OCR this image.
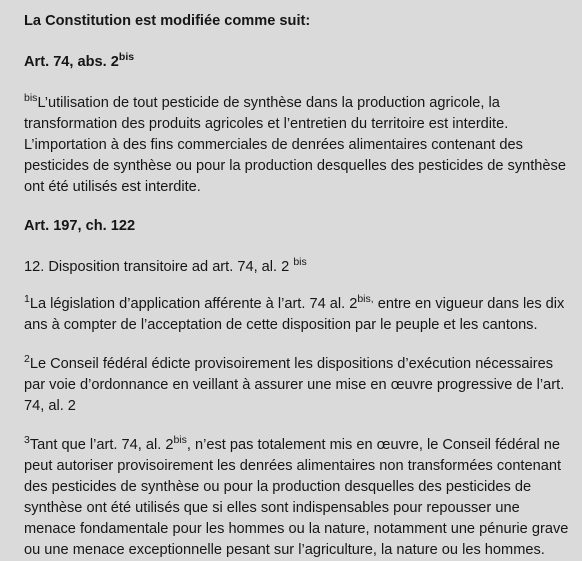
La Constitution est modifiée comme suit:

Art. 74, abs. $2^{bis}$

$^{bis}$L’utilisation de tout pesticide de synthèse dans la production agricole, la transformation des produits agricoles et l’entretien du territoire est interdite. L’importation à des fins commerciales de denrées alimentaires contenant des pesticides de synthèse ou pour la production desquelles des pesticides de synthèse ont été utilisés est interdite.

Art. 197, ch. 122

12. Disposition transitoire ad art. 74, al. 2 $^{bis}$

$^1$La législation d’application afférente à l’art. 74 al. $2^{bis,}$ entre en vigueur dans les dix ans à compter de l’acceptation de cette disposition par le peuple et les cantons.

$^2$Le Conseil fédéral édicte provisoirement les dispositions d’exécution nécessaires par voie d’ordonnance en veillant à assurer une mise en œuvre progressive de l’art. 74, al. 2

$^3$Tant que l’art. 74, al. $2^{bis}$, n’est pas totalement mis en œuvre, le Conseil fédéral ne peut autoriser provisoirement les denrées alimentaires non transformées contenant des pesticides de synthèse ou pour la production desquelles des pesticides de synthèse ont été utilisés que si elles sont indispensables pour repousser une menace fondamentale pour les hommes ou la nature, notamment une pénurie grave ou une menace exceptionnelle pesant sur l’agriculture, la nature ou les hommes.
